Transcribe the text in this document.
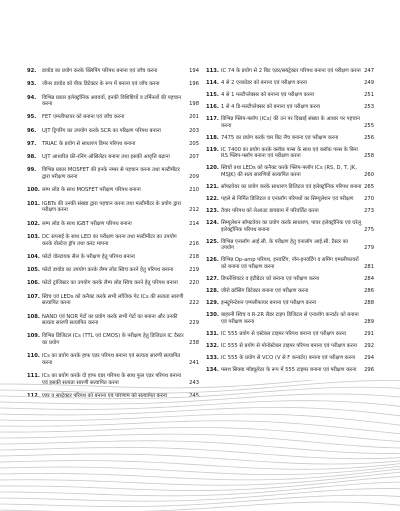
92.	डायोड का प्रयोग करके क्लिपिंग परिपथ बनाना एवं जाँच करना	194
93.	जीनर डायोड को पीक डिटेक्टर के रूप में बनाना एवं जाँच करना	196
94.	विभिन्न प्रकार इलेक्ट्रॉनिक अवयवों, इनकी विशिष्टियों व टर्मिनलों की पहचान करना	198
95.	FET एम्प्लीफायर को बनाना एवं जाँच करना	201
96.	UJT ट्रिगरिंग का उपयोग करके SCR का परिक्षण परिपथ बनाना	203
97.	TRIAC के प्रयोग से साधारण डिमर परिपथ बनाना	205
98.	UJT आधारित फ्री-रनिंग ऑसिलेटर बनाना तथा इसकी आवृत्ति बढ़ाना	207
99.	विभिन्न प्रकार MOSFET की इनके नम्बर से पहचान करना तथा मल्टीमीटर द्वारा परीक्षण करना	209
100. लम्प लोड के साथ MOSFET परीक्षण परिपथ बनाना	210
101. IGBTs की उनकी संख्या द्वारा पहचान करना तथा मल्टीमीटर के प्रयोग द्वारा परीक्षण करना	212
102. लम्प लोड के साथ IGBT परीक्षण परिपथ बनाना	214
103. DC सप्लाई के साथ LED का परीक्षण करना तथा मल्टीमीटर का उपयोग करके वोल्टेज ड्रॉप तथा करंट मापना	216
104. फोटो वोल्टायक सैल के परीक्षण हेतु परिपथ बनाना	218
105. फोटो डायोड का उपयोग करके लैम्प लोड स्विच करने हेतु परिपथ बनाना	219
106. फोटो ट्रांजिस्टर का उपयोग करके लैम्प लोड स्विच करने हेतु परिपथ बनाना	220
107. स्विच एवं LEDs को कनैक्ट करके सभी लॉजिक गेट ICs की सत्यता सारणी सत्यापित करना	222
108. NAND एवं NOR गेटों का प्रयोग करके सभी गेटों का बनाना और उनकी सत्यता सारणी सत्यापित करना	229
109. विभिन्न डिजिटल ICs (TTL एवं CMOS) के परीक्षण हेतु डिजिटल IC टैस्टर का प्रयोग	238
110. ICs का प्रयोग करके हाफ एडर परिपथ बनाना एवं सत्यता सारणी सत्यापित करना	241
111. ICs का प्रयोग करके दो हाफ एडर परिपथ के साथ फुल एडर परिपथ बनाना एवं इसकी सत्यता सारणी सत्यापित करना	243
112. एडर व सब्ट्रेक्टर परिपथ को बनाना एवं परिणाम को सत्यापित करना	245
113. IC 74 के प्रयोग से 2 बिट एडर/सबट्रेक्टर परिपथ बनाना एवं परीक्षण करना 247
114. 4 से 2 एनकोडर को बनाना एवं परीक्षण करना	249
115. 4 से 1 मल्टीप्लेक्सर को बनाना एवं परीक्षण करना	251
116. 1 से 4 डि-मल्टीप्लेक्सर को बनाना एवं परीक्षण करना	253
117. विभिन्न फ्लिप-फ्लॉप (ICs) की उन पर दिखाई संख्या के आधार पर पहचान करना	255
118. 7475 का प्रयोग करके चार बिट लैच बनाना एवं परीक्षण करना	256
119. IC 7400 का प्रयोग करके क्लॉक पल्स के साथ एवं क्लॉक पल्स के बिना RS फ्लिप-फ्लॉप बनाना एवं परीक्षण करना	258
120. स्विचों तथा LEDs को कनैक्ट करके फ्लिप-फ्लॉप ICs (RS, D, T, JK, MSJK) की सत्य सारणियों सत्यापित करना	260
121. सॉफ्टवेयर का प्रयोग करके साधारण डिजिटल एवं इलेक्ट्रॉनिक परिपथ बनाना 265
122. पहले से निर्मित डिजिटल व एनालॉग परिपथों का सिम्यूलेशन एवं परीक्षण	270
123. तैयार परिपथ को लेआउट डायग्राम में परिवर्तित करना	273
124. सिम्यूलेशन सॉफ्टवेयर का प्रयोग करके साधारण, पावर इलेक्ट्रॉनिक एवं घरेलू इलेक्ट्रॉनिक परिपथ बनाना	275
125. विभिन्न एनालॉग आई.सी. के परीक्षण हेतु एनालॉग आई.सी. टैस्टर का उपयोग	279
126. विभिन्न Op-amp परिपथ, इनवर्टिंग, नॉन-इनवर्टिंग व समिंग एम्पलीफायरों को बनाना एवं परीक्षण करना	281
127. डिफरेंशियटर व इंटीग्रेटर को बनाना एवं परीक्षण करना	284
128. जीरो क्रॉसिंग डिटेक्टर बनाना एवं परीक्षण करना	286
129. इन्स्ट्रूमेन्टेशन एम्पलीफायर बनाना एवं परीक्षण करना	288
130. बाहरनी स्विच व R-2R लैडर टाइप डिजिटल से एनालॉग कन्वर्टर को बनाना एवं परीक्षण करना	289
131. IC 555 प्रयोग से एस्टेबल टाइमर परिपथ बनाना एवं परीक्षण करना	291
132. IC 555 से प्रयोग से मोनोस्टेबल टाइमर परिपथ बनाना एवं परीक्षण करना	292
133. IC 555 के प्रयोग से VCO (V से F कन्वर्टर) बनाना एवं परीक्षण करना	294
134. फ्लश सिक्वा मॉड्यूलेटर के रूप में 555 टाइमर बनाना एवं परीक्षण करना	296
